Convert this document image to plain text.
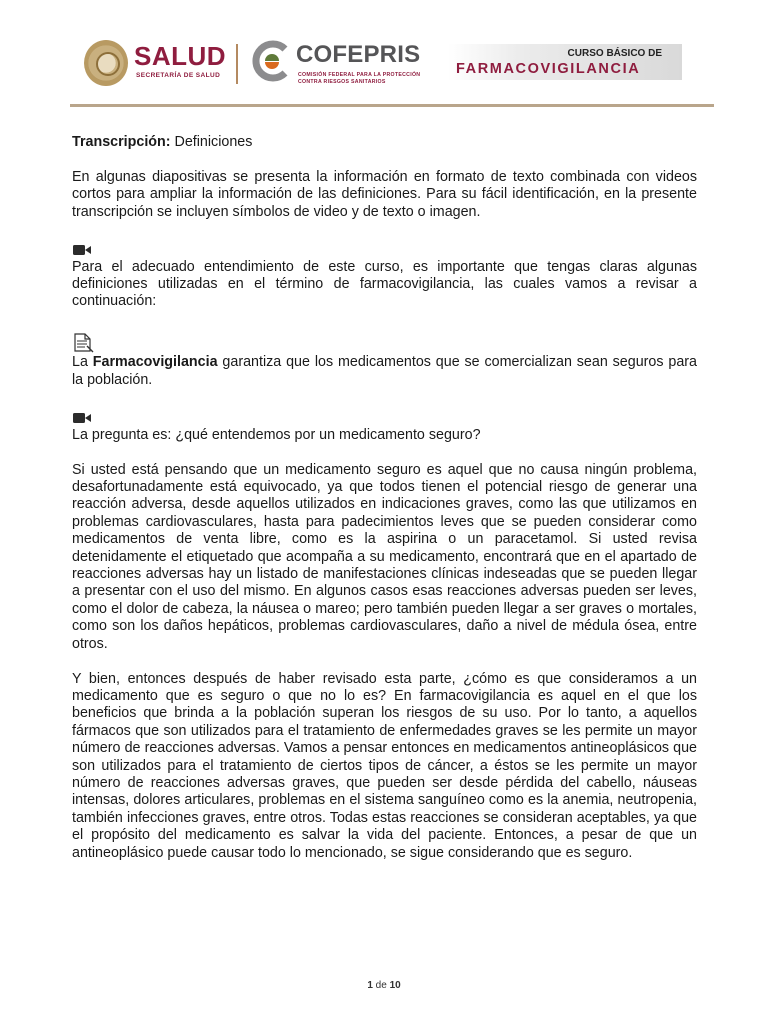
SALUD
SECRETARÍA DE SALUD
COFEPRIS
COMISIÓN FEDERAL PARA LA PROTECCIÓN
CONTRA RIESGOS SANITARIOS
CURSO BÁSICO DE
FARMACOVIGILANCIA

Transcripción: Definiciones

En algunas diapositivas se presenta la información en formato de texto combinada con videos cortos para ampliar la información de las definiciones. Para su fácil identificación, en la presente transcripción se incluyen símbolos de video y de texto o imagen.

Para el adecuado entendimiento de este curso, es importante que tengas claras algunas definiciones utilizadas en el término de farmacovigilancia, las cuales vamos a revisar a continuación:

La Farmacovigilancia garantiza que los medicamentos que se comercializan sean seguros para la población.

La pregunta es: ¿qué entendemos por un medicamento seguro?

Si usted está pensando que un medicamento seguro es aquel que no causa ningún problema, desafortunadamente está equivocado, ya que todos tienen el potencial riesgo de generar una reacción adversa, desde aquellos utilizados en indicaciones graves, como las que utilizamos en problemas cardiovasculares, hasta para padecimientos leves que se pueden considerar como medicamentos de venta libre, como es la aspirina o un paracetamol. Si usted revisa detenidamente el etiquetado que acompaña a su medicamento, encontrará que en el apartado de reacciones adversas hay un listado de manifestaciones clínicas indeseadas que se pueden llegar a presentar con el uso del mismo. En algunos casos esas reacciones adversas pueden ser leves, como el dolor de cabeza, la náusea o mareo; pero también pueden llegar a ser graves o mortales, como son los daños hepáticos, problemas cardiovasculares, daño a nivel de médula ósea, entre otros.

Y bien, entonces después de haber revisado esta parte, ¿cómo es que consideramos a un medicamento que es seguro o que no lo es? En farmacovigilancia es aquel en el que los beneficios que brinda a la población superan los riesgos de su uso. Por lo tanto, a aquellos fármacos que son utilizados para el tratamiento de enfermedades graves se les permite un mayor número de reacciones adversas. Vamos a pensar entonces en medicamentos antineoplásicos que son utilizados para el tratamiento de ciertos tipos de cáncer, a éstos se les permite un mayor número de reacciones adversas graves, que pueden ser desde pérdida del cabello, náuseas intensas, dolores articulares, problemas en el sistema sanguíneo como es la anemia, neutropenia, también infecciones graves, entre otros. Todas estas reacciones se consideran aceptables, ya que el propósito del medicamento es salvar la vida del paciente. Entonces, a pesar de que un antineoplásico puede causar todo lo mencionado, se sigue considerando que es seguro.

1 de 10
